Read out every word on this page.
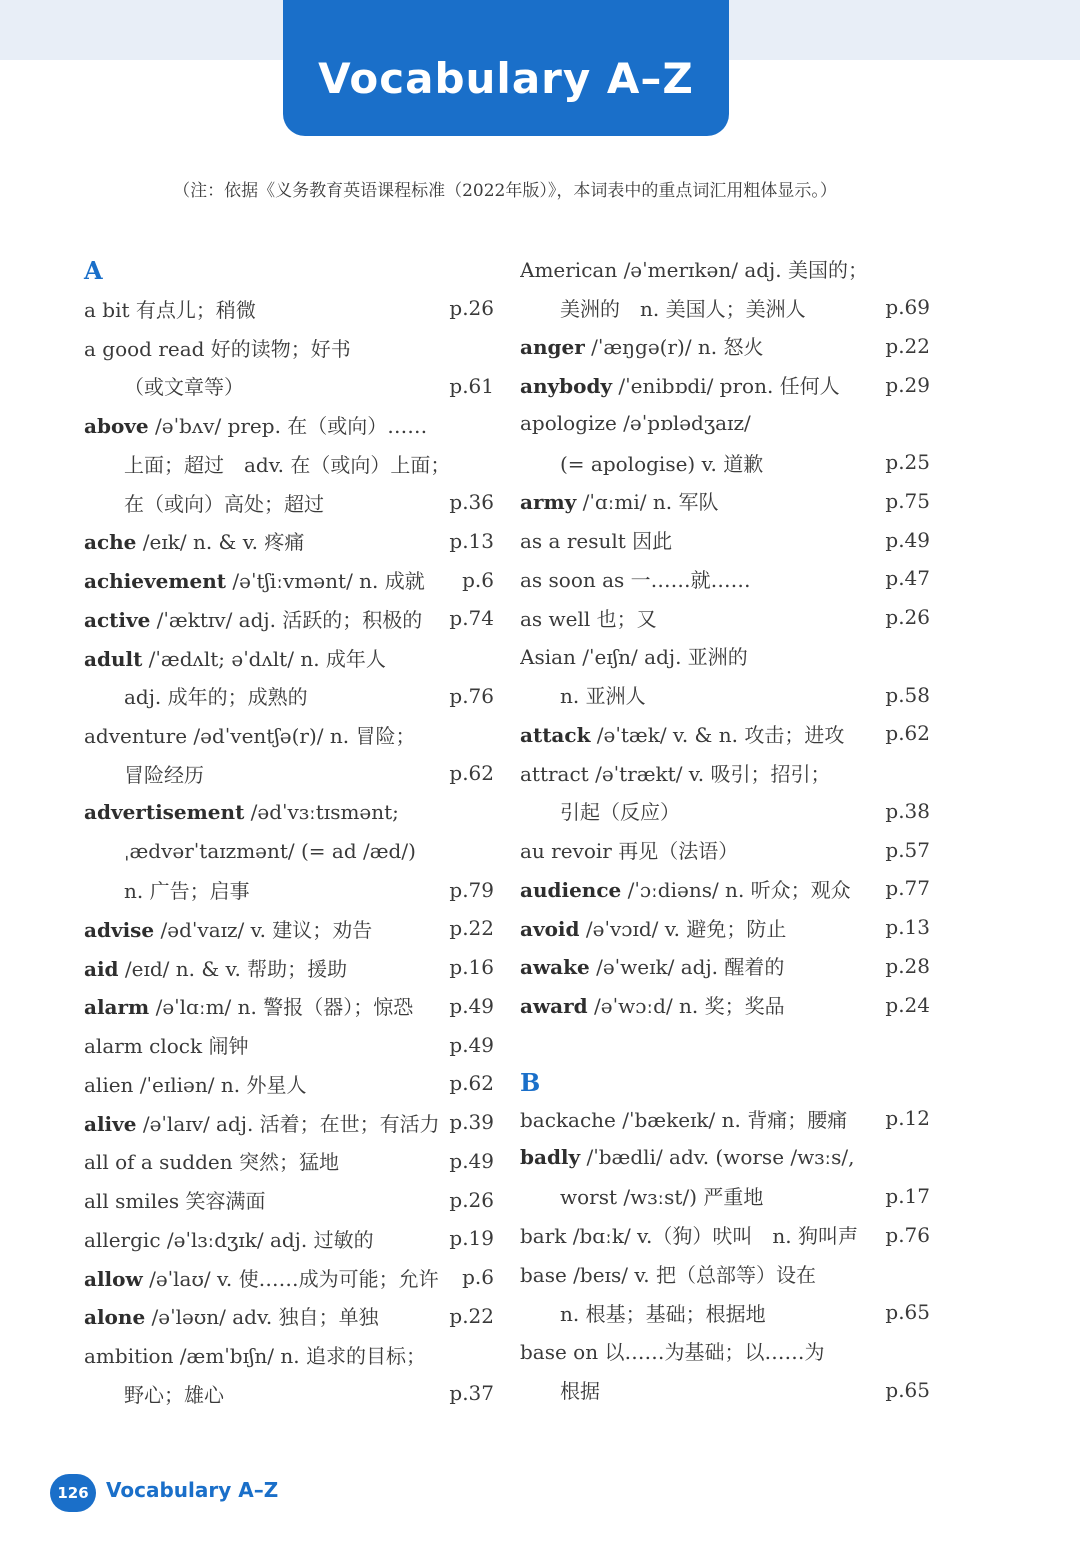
Vocabulary A–Z
（注：依据《义务教育英语课程标准（2022年版）》，本词表中的重点词汇用粗体显示。）
A
a bit 有点儿；稍微	p.26
a good read 好的读物；好书
（或文章等）	p.61
above /əˈbʌv/ prep. 在（或向）……
上面；超过　adv. 在（或向）上面；
在（或向）高处；超过	p.36
ache /eɪk/ n. & v. 疼痛	p.13
achievement /əˈtʃiːvmənt/ n. 成就 p.6
active /ˈæktɪv/ adj. 活跃的；积极的 p.74
adult /ˈædʌlt; əˈdʌlt/ n. 成年人
adj. 成年的；成熟的	p.76
adventure /ədˈventʃə(r)/ n. 冒险；
冒险经历	p.62
advertisement /ədˈvɜːtɪsmənt;
ˌædvərˈtaɪzmənt/ (= ad /æd/)
n. 广告；启事	p.79
advise /ədˈvaɪz/ v. 建议；劝告	p.22
aid /eɪd/ n. & v. 帮助；援助	p.16
alarm /əˈlɑːm/ n. 警报（器）；惊恐 p.49
alarm clock 闹钟	p.49
alien /ˈeɪliən/ n. 外星人	p.62
alive /əˈlaɪv/ adj. 活着；在世；有活力 p.39
all of a sudden 突然；猛地	p.49
all smiles 笑容满面	p.26
allergic /əˈlɜːdʒɪk/ adj. 过敏的	p.19
allow /əˈlaʊ/ v. 使……成为可能；允许 p.6
alone /əˈləʊn/ adv. 独自；单独	p.22
ambition /æmˈbɪʃn/ n. 追求的目标；
野心；雄心	p.37
B
American /əˈmerɪkən/ adj. 美国的；
美洲的　n. 美国人；美洲人	p.69
anger /ˈæŋgə(r)/ n. 怒火	p.22
anybody /ˈenibɒdi/ pron. 任何人 p.29
apologize /əˈpɒlədʒaɪz/
(= apologise) v. 道歉	p.25
army /ˈɑːmi/ n. 军队	p.75
as a result 因此	p.49
as soon as 一……就……	p.47
as well 也；又	p.26
Asian /ˈeɪʃn/ adj. 亚洲的
n. 亚洲人	p.58
attack /əˈtæk/ v. & n. 攻击；进攻 p.62
attract /əˈtrækt/ v. 吸引；招引；
引起（反应）	p.38
au revoir 再见（法语）	p.57
audience /ˈɔːdiəns/ n. 听众；观众 p.77
avoid /əˈvɔɪd/ v. 避免；防止	p.13
awake /əˈweɪk/ adj. 醒着的	p.28
award /əˈwɔːd/ n. 奖；奖品	p.24
backache /ˈbækeɪk/ n. 背痛；腰痛 p.12
badly /ˈbædli/ adv. (worse /wɜːs/,
worst /wɜːst/) 严重地	p.17
bark /bɑːk/ v.（狗）吠叫　n. 狗叫声 p.76
base /beɪs/ v. 把（总部等）设在
n. 根基；基础；根据地	p.65
base on 以……为基础；以……为
根据	p.65
126 Vocabulary A–Z
